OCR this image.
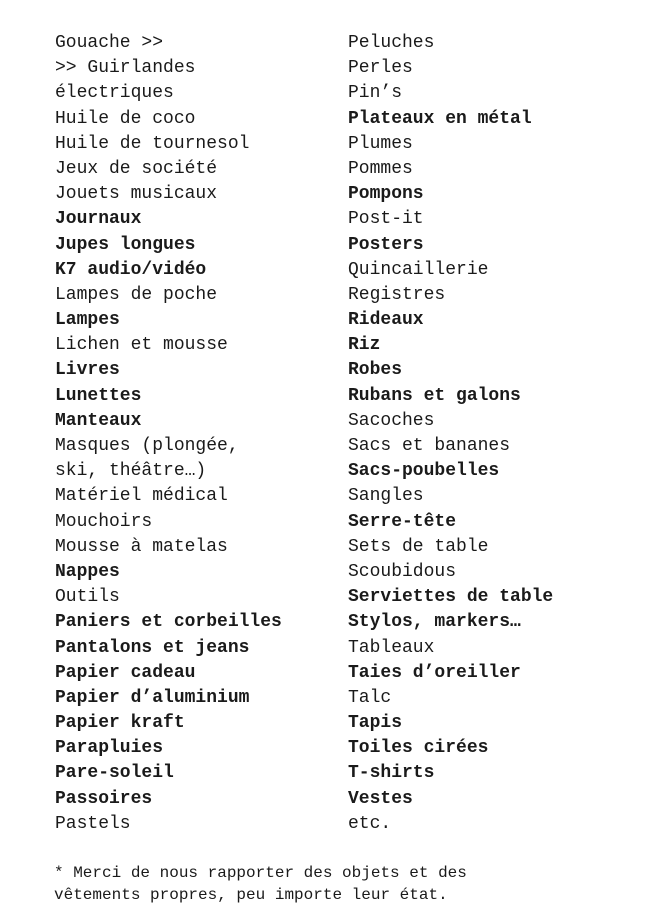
Gouache >>
>> Guirlandes
électriques
Huile de coco
Huile de tournesol
Jeux de société
Jouets musicaux
Journaux
Jupes longues
K7 audio/vidéo
Lampes de poche
Lampes
Lichen et mousse
Livres
Lunettes
Manteaux
Masques (plongée,
ski, théâtre…)
Matériel médical
Mouchoirs
Mousse à matelas
Nappes
Outils
Paniers et corbeilles
Pantalons et jeans
Papier cadeau
Papier d’aluminium
Papier kraft
Parapluies
Pare-soleil
Passoires
Pastels
Peluches
Perles
Pin’s
Plateaux en métal
Plumes
Pommes
Pompons
Post-it
Posters
Quincaillerie
Registres
Rideaux
Riz
Robes
Rubans et galons
Sacoches
Sacs et bananes
Sacs-poubelles
Sangles
Serre-tête
Sets de table
Scoubidous
Serviettes de table
Stylos, markers…
Tableaux
Taies d’oreiller
Talc
Tapis
Toiles cirées
T-shirts
Vestes
etc.
* Merci de nous rapporter des objets et des
vêtements propres, peu importe leur état.
